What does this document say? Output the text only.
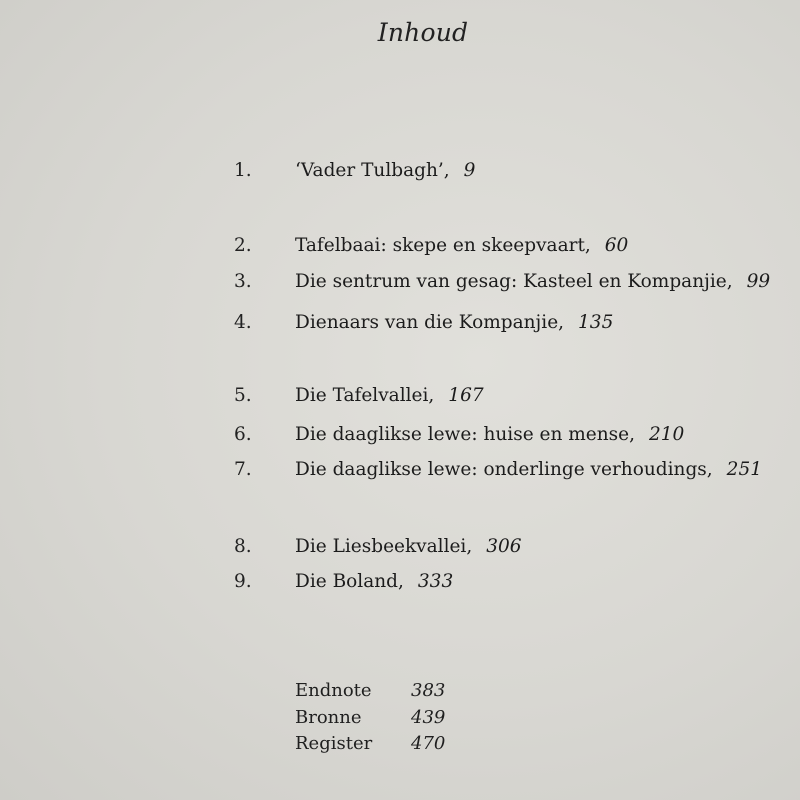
Inhoud
1. ‘Vader Tulbagh’, 9
2. Tafelbaai: skepe en skeepvaart, 60
3. Die sentrum van gesag: Kasteel en Kompanjie, 99
4. Dienaars van die Kompanjie, 135
5. Die Tafelvallei, 167
6. Die daaglikse lewe: huise en mense, 210
7. Die daaglikse lewe: onderlinge verhoudings, 251
8. Die Liesbeekvallei, 306
9. Die Boland, 333
Endnote 383
Bronne	439
Register 470
